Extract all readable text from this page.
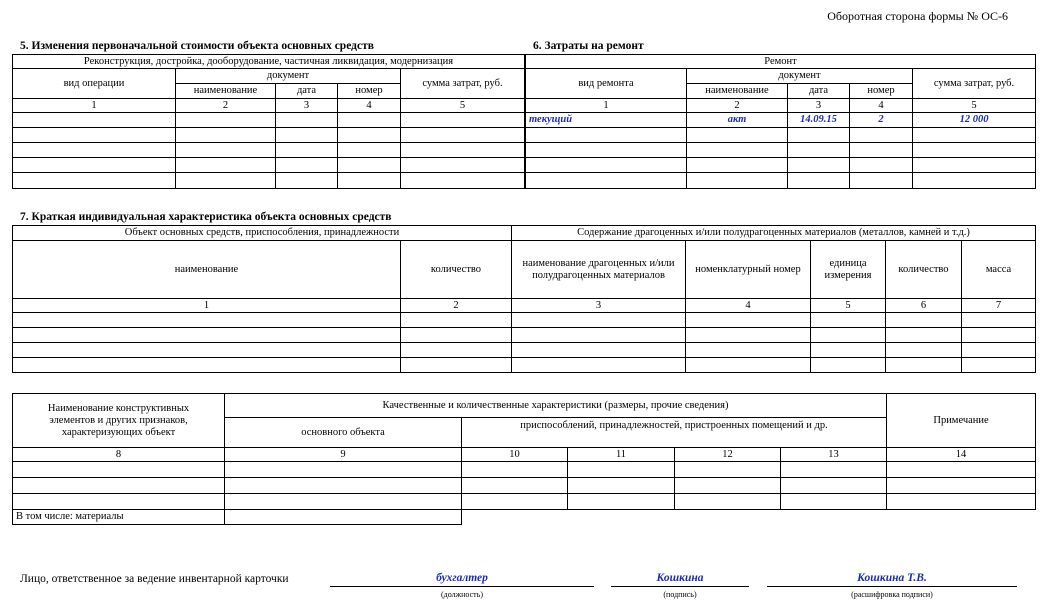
Оборотная сторона формы № ОС-6
5. Изменения первоначальной стоимости объекта основных средств
Реконструкция, достройка, дооборудование, частичная ликвидация, модернизация				
вид операции	документ			сумма затрат, руб.
	наименование	дата	номер	
1	2	3	4	5

6. Затраты на ремонт
Ремонт				
вид ремонта	документ			сумма затрат, руб.
	наименование	дата	номер	
1	2	3	4	5
текущий	акт	14.09.15	2	12 000

7. Краткая индивидуальная характеристика объекта основных средств
Объект основных средств, приспособления, принадлежности		Содержание драгоценных и/или полудрагоценных материалов (металлов, камней и т.д.)				
наименование	количество	наименование драгоценных и/или полудрагоценных материалов	номенклатурный номер	единица измерения	количество	масса
1	2	3	4	5	6	7

Наименование конструктивных элементов и других признаков, характеризующих объект	Качественные и количественные характеристики (размеры, прочие сведения)					Примечание
	основного объекта	приспособлений, принадлежностей, пристроенных помещений и др.				
8	9	10	11	12	13	14

В том числе: материалы						
Лицо, ответственное за ведение инвентарной карточки	бухгалтер
(должность)
Кошкина
(подпись)
Кошкина Т.В.
(расшифровка подписи)
